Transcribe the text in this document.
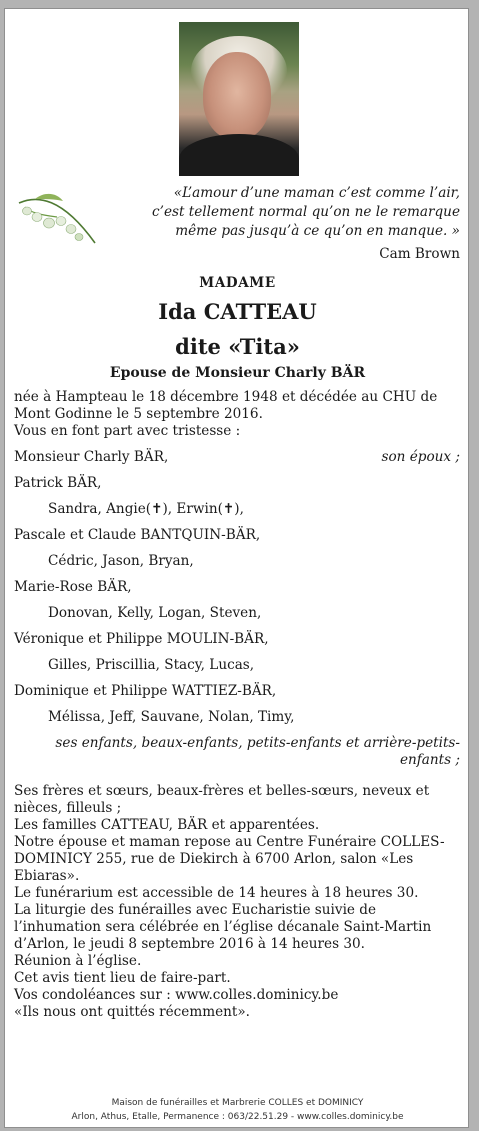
«L’amour d’une maman c’est comme l’air,
c’est tellement normal qu’on ne le remarque
même pas jusqu’à ce qu’on en manque. »
Cam Brown
MADAME
Ida CATTEAU
dite «Tita»
Epouse de Monsieur Charly BÄR

née à Hampteau le 18 décembre 1948 et décédée au CHU de Mont Godinne le 5 septembre 2016.

Vous en font part avec tristesse :

Monsieur Charly BÄR,	son époux ;
Patrick BÄR,
Sandra, Angie(✝), Erwin(✝),
Pascale et Claude BANTQUIN-BÄR,
Cédric, Jason, Bryan,
Marie-Rose BÄR,
Donovan, Kelly, Logan, Steven,
Véronique et Philippe MOULIN-BÄR,
Gilles, Priscillia, Stacy, Lucas,
Dominique et Philippe WATTIEZ-BÄR,
Mélissa, Jeff, Sauvane, Nolan, Timy,

ses enfants, beaux-enfants, petits-enfants et arrière-petits-enfants ;

Ses frères et sœurs, beaux-frères et belles-sœurs, neveux et nièces, filleuls ;

Les familles CATTEAU, BÄR et apparentées.

Notre épouse et maman repose au Centre Funéraire COLLES-DOMINICY 255, rue de Diekirch à 6700 Arlon, salon «Les Ebiaras».

Le funérarium est accessible de 14 heures à 18 heures 30.

La liturgie des funérailles avec Eucharistie suivie de l’inhumation sera célébrée en l’église décanale Saint-Martin d’Arlon, le jeudi 8 septembre 2016 à 14 heures 30.

Réunion à l’église.

Cet avis tient lieu de faire-part.

Vos condoléances sur : www.colles.dominicy.be

«Ils nous ont quittés récemment».

Maison de funérailles et Marbrerie COLLES et DOMINICY
Arlon, Athus, Etalle, Permanence : 063/22.51.29 - www.colles.dominicy.be
